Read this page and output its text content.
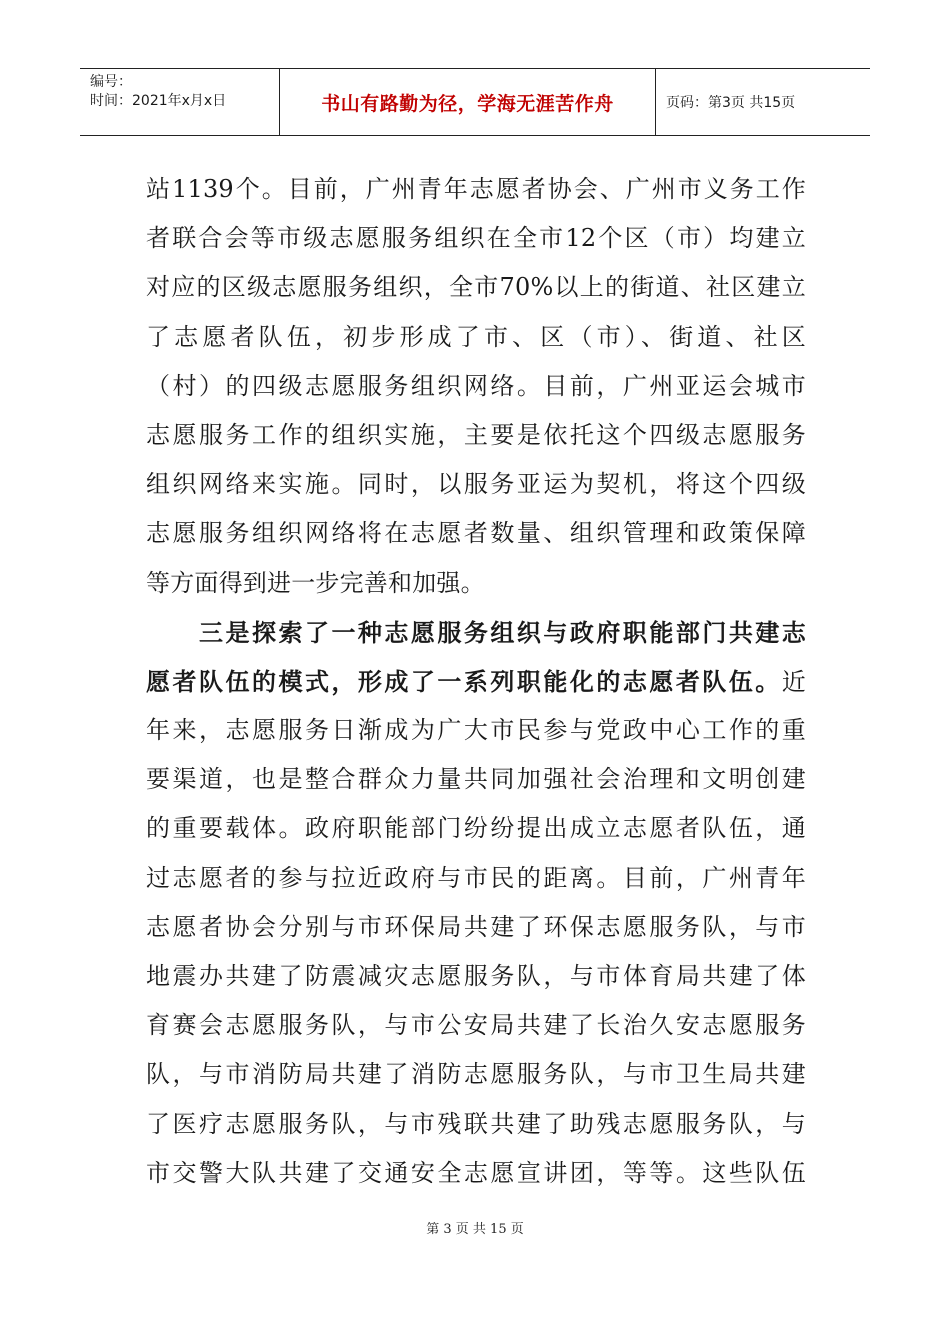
编号：
时间：2021年x月x日	书山有路勤为径，学海无涯苦作舟	页码：第3页 共15页
站1139个。目前，广州青年志愿者协会、广州市义务工作
者联合会等市级志愿服务组织在全市12个区（市）均建立
对应的区级志愿服务组织，全市70%以上的街道、社区建立
了志愿者队伍，初步形成了市、区（市）、街道、社区
（村）的四级志愿服务组织网络。目前，广州亚运会城市
志愿服务工作的组织实施，主要是依托这个四级志愿服务
组织网络来实施。同时，以服务亚运为契机，将这个四级
志愿服务组织网络将在志愿者数量、组织管理和政策保障
等方面得到进一步完善和加强。
　　三是探索了一种志愿服务组织与政府职能部门共建志
愿者队伍的模式，形成了一系列职能化的志愿者队伍。近
年来，志愿服务日渐成为广大市民参与党政中心工作的重
要渠道，也是整合群众力量共同加强社会治理和文明创建
的重要载体。政府职能部门纷纷提出成立志愿者队伍，通
过志愿者的参与拉近政府与市民的距离。目前，广州青年
志愿者协会分别与市环保局共建了环保志愿服务队，与市
地震办共建了防震减灾志愿服务队，与市体育局共建了体
育赛会志愿服务队，与市公安局共建了长治久安志愿服务
队，与市消防局共建了消防志愿服务队，与市卫生局共建
了医疗志愿服务队，与市残联共建了助残志愿服务队，与
市交警大队共建了交通安全志愿宣讲团，等等。这些队伍
第 3 页 共 15 页
